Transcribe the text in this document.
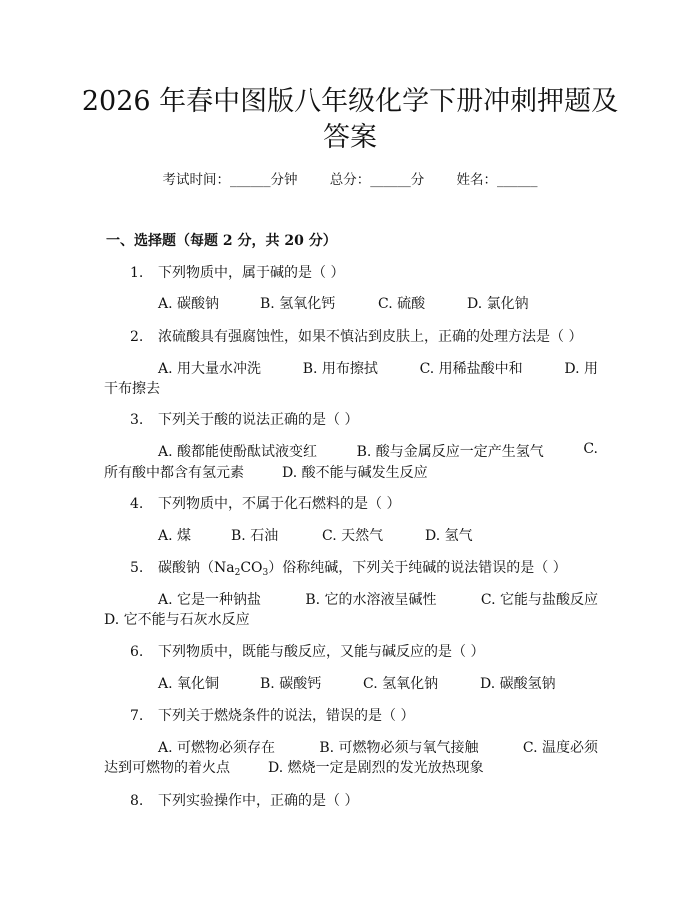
2026 年春中图版八年级化学下册冲刺押题及
答案
考试时间：______分钟 总分：______分 姓名：______
一、选择题（每题 2 分，共 20 分）
1. 下列物质中，属于碱的是（ ）
A. 碳酸钠	B. 氢氧化钙	C. 硫酸	D. 氯化钠
2. 浓硫酸具有强腐蚀性，如果不慎沾到皮肤上，正确的处理方法是（ ）
A. 用大量水冲洗	B. 用布擦拭	C. 用稀盐酸中和	D. 用
干布擦去
3. 下列关于酸的说法正确的是（ ）
A. 酸都能使酚酞试液变红	B. 酸与金属反应一定产生氢气	C.
所有酸中都含有氢元素	D. 酸不能与碱发生反应
4. 下列物质中，不属于化石燃料的是（ ）
A. 煤	B. 石油	C. 天然气	D. 氢气
5. 碳酸钠$(Na_2CO_3)$俗称纯碱，下列关于纯碱的说法错误的是（ ）
A. 它是一种钠盐	B. 它的水溶液呈碱性	C. 它能与盐酸反应
D. 它不能与石灰水反应
6. 下列物质中，既能与酸反应，又能与碱反应的是（ ）
A. 氧化铜	B. 碳酸钙	C. 氢氧化钠	D. 碳酸氢钠
7. 下列关于燃烧条件的说法，错误的是（ ）
A. 可燃物必须存在	B. 可燃物必须与氧气接触	C. 温度必须
达到可燃物的着火点	D. 燃烧一定是剧烈的发光放热现象
8. 下列实验操作中，正确的是（ ）
